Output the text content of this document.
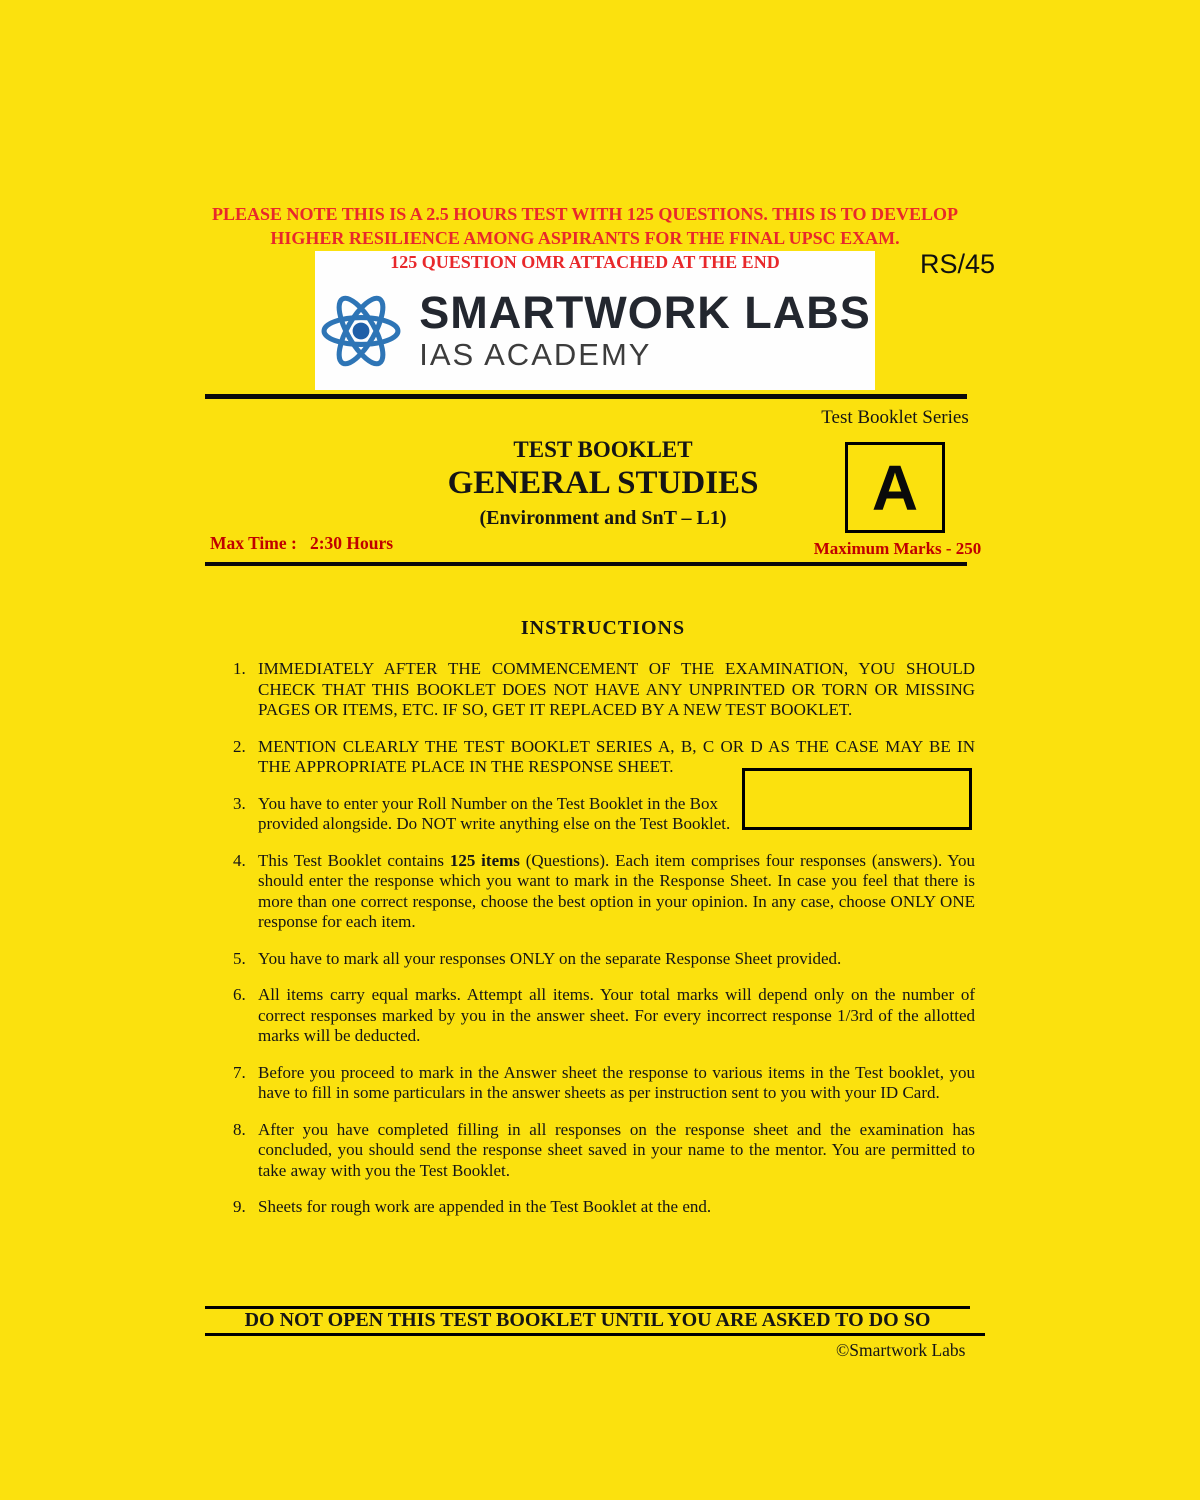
PLEASE NOTE THIS IS A 2.5 HOURS TEST WITH 125 QUESTIONS. THIS IS TO DEVELOP
HIGHER RESILIENCE AMONG ASPIRANTS FOR THE FINAL UPSC EXAM.
125 QUESTION OMR ATTACHED AT THE END	RS/45
SMARTWORK LABS
IAS ACADEMY
Test Booklet Series
TEST BOOKLET
GENERAL STUDIES
(Environment and SnT – L1)
Max Time :   2:30 Hours
A
Maximum Marks - 250
INSTRUCTIONS
1. IMMEDIATELY AFTER THE COMMENCEMENT OF THE EXAMINATION, YOU SHOULD CHECK THAT THIS BOOKLET DOES NOT HAVE ANY UNPRINTED OR TORN OR MISSING PAGES OR ITEMS, ETC. IF SO, GET IT REPLACED BY A NEW TEST BOOKLET.
2. MENTION CLEARLY THE TEST BOOKLET SERIES A, B, C OR D AS THE CASE MAY BE IN THE APPROPRIATE PLACE IN THE RESPONSE SHEET.
3. You have to enter your Roll Number on the Test Booklet in the Box provided alongside. Do NOT write anything else on the Test Booklet.
4. This Test Booklet contains 125 items (Questions). Each item comprises four responses (answers). You should enter the response which you want to mark in the Response Sheet. In case you feel that there is more than one correct response, choose the best option in your opinion. In any case, choose ONLY ONE response for each item.
5. You have to mark all your responses ONLY on the separate Response Sheet provided.
6. All items carry equal marks. Attempt all items. Your total marks will depend only on the number of correct responses marked by you in the answer sheet. For every incorrect response 1/3rd of the allotted marks will be deducted.
7. Before you proceed to mark in the Answer sheet the response to various items in the Test booklet, you have to fill in some particulars in the answer sheets as per instruction sent to you with your ID Card.
8. After you have completed filling in all responses on the response sheet and the examination has concluded, you should send the response sheet saved in your name to the mentor. You are permitted to take away with you the Test Booklet.
9. Sheets for rough work are appended in the Test Booklet at the end.
DO NOT OPEN THIS TEST BOOKLET UNTIL YOU ARE ASKED TO DO SO
©Smartwork Labs
